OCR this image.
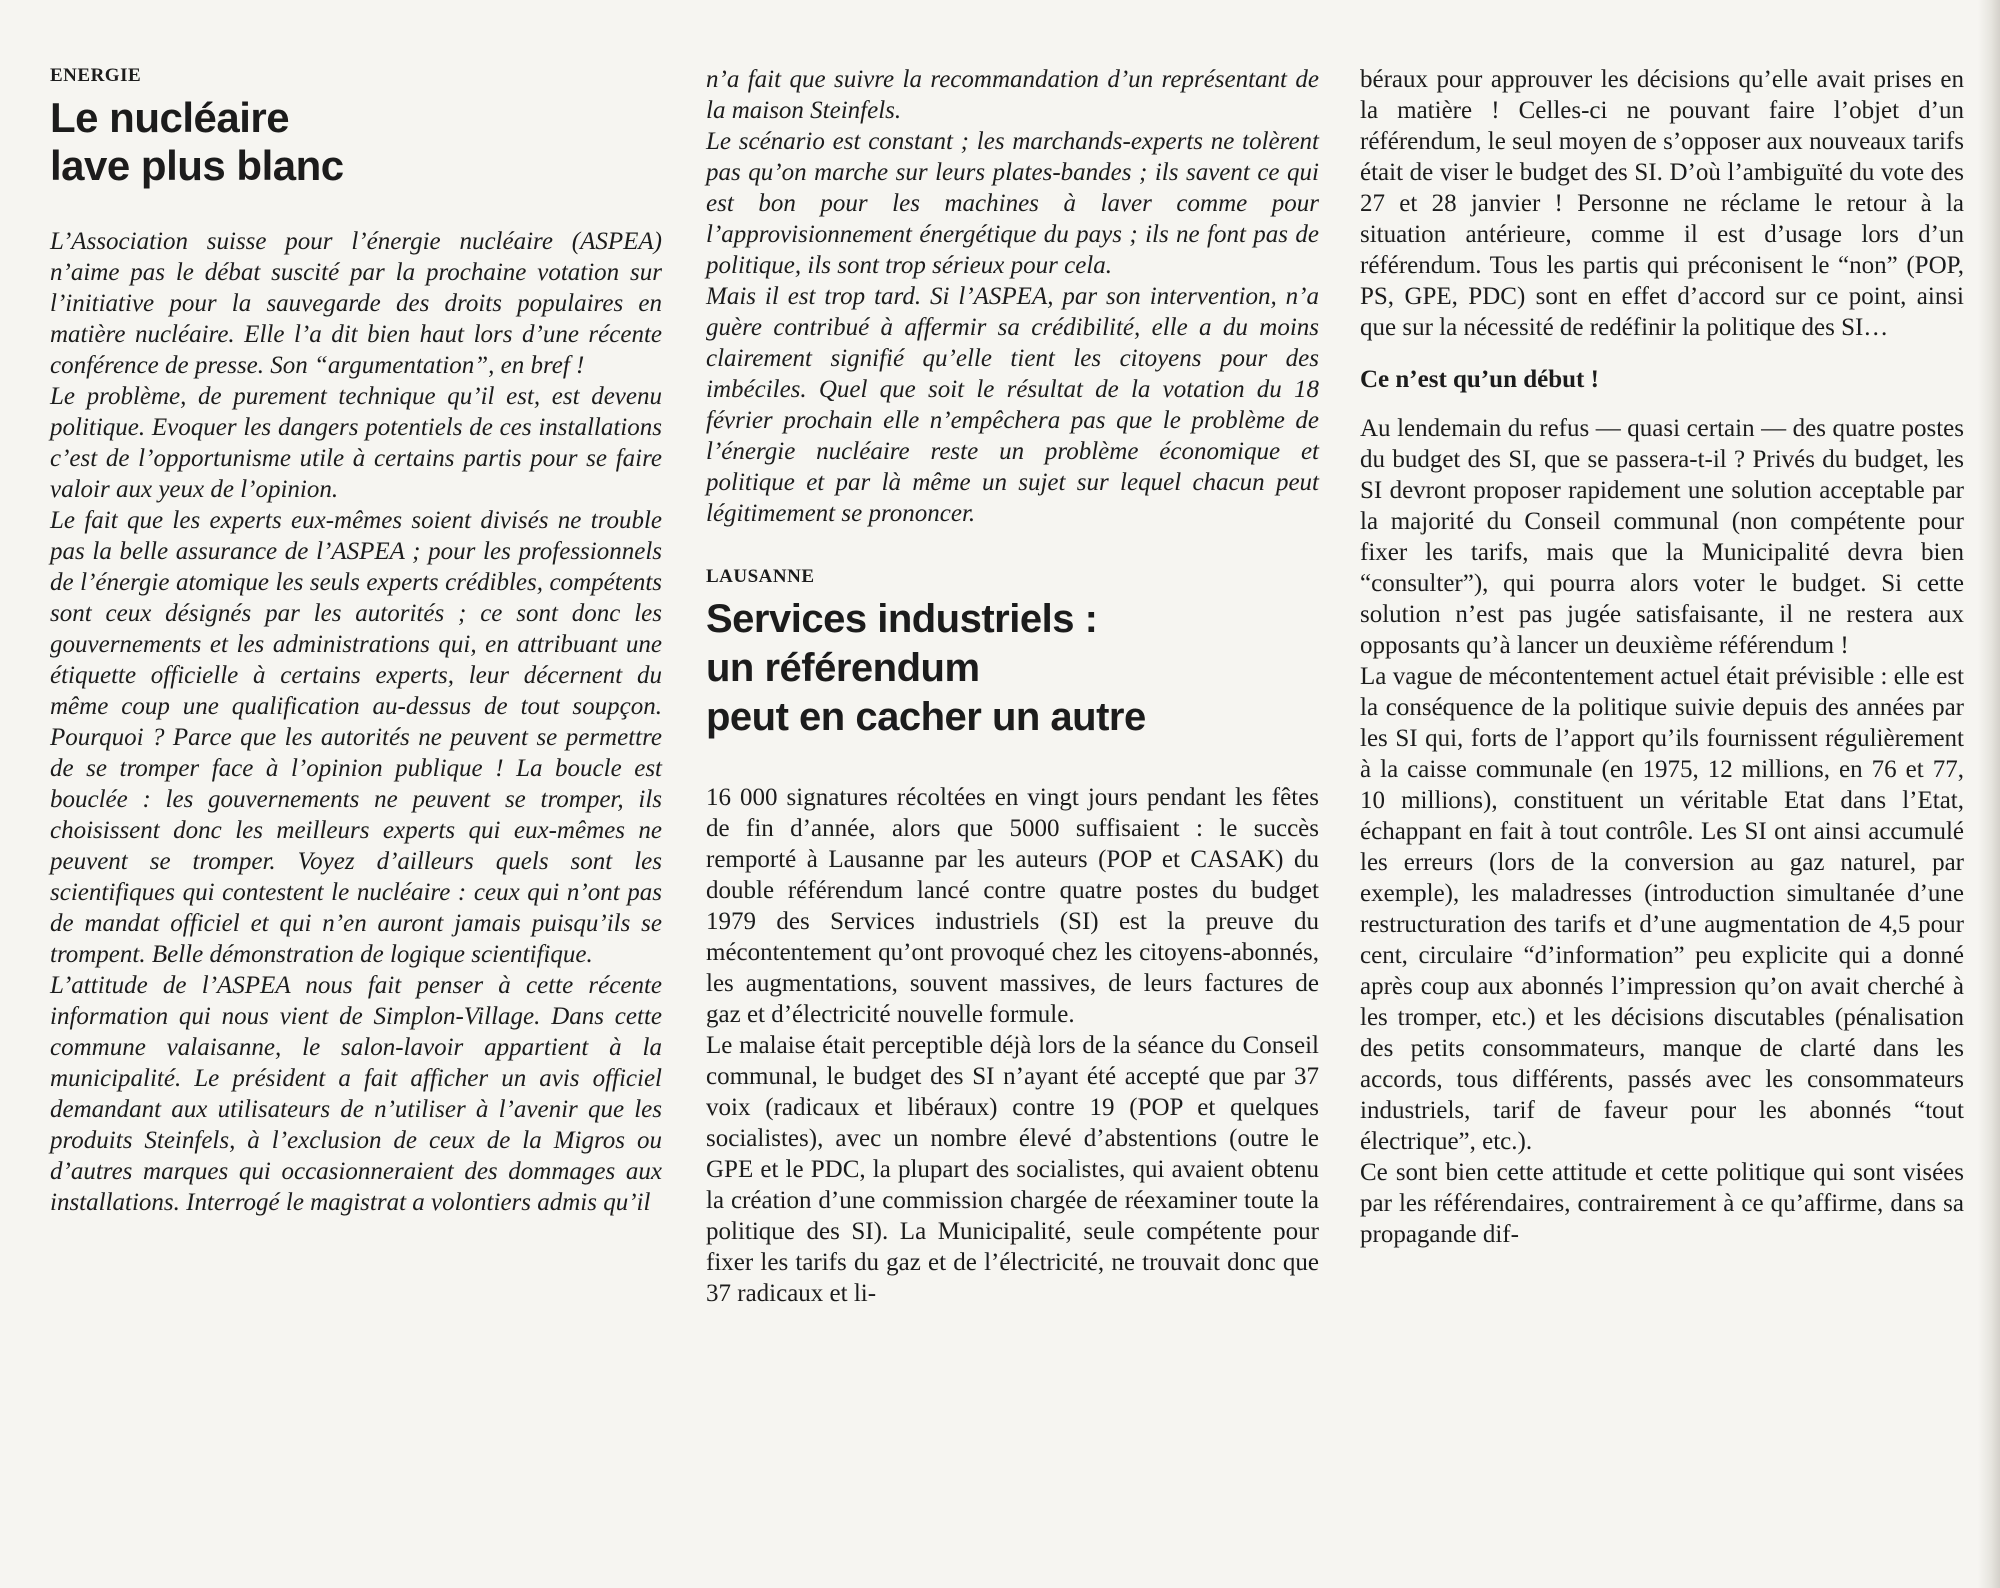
ENERGIE

Le nucléaire
lave plus blanc

L’Association suisse pour l’énergie nucléaire (ASPEA) n’aime pas le débat suscité par la prochaine votation sur l’initiative pour la sauvegarde des droits populaires en matière nucléaire. Elle l’a dit bien haut lors d’une récente conférence de presse. Son “argumentation”, en bref !

Le problème, de purement technique qu’il est, est devenu politique. Evoquer les dangers potentiels de ces installations c’est de l’opportunisme utile à certains partis pour se faire valoir aux yeux de l’opinion.

Le fait que les experts eux-mêmes soient divisés ne trouble pas la belle assurance de l’ASPEA ; pour les professionnels de l’énergie atomique les seuls experts crédibles, compétents sont ceux désignés par les autorités ; ce sont donc les gouvernements et les administrations qui, en attribuant une étiquette officielle à certains experts, leur décernent du même coup une qualification au-dessus de tout soupçon. Pourquoi ? Parce que les autorités ne peuvent se permettre de se tromper face à l’opinion publique ! La boucle est bouclée : les gouvernements ne peuvent se tromper, ils choisissent donc les meilleurs experts qui eux-mêmes ne peuvent se tromper. Voyez d’ailleurs quels sont les scientifiques qui contestent le nucléaire : ceux qui n’ont pas de mandat officiel et qui n’en auront jamais puisqu’ils se trompent. Belle démonstration de logique scientifique.

L’attitude de l’ASPEA nous fait penser à cette récente information qui nous vient de Simplon-Village. Dans cette commune valaisanne, le salon-lavoir appartient à la municipalité. Le président a fait afficher un avis officiel demandant aux utilisateurs de n’utiliser à l’avenir que les produits Steinfels, à l’exclusion de ceux de la Migros ou d’autres marques qui occasionneraient des dommages aux installations. Interrogé le magistrat a volontiers admis qu’il

n’a fait que suivre la recommandation d’un représentant de la maison Steinfels.

Le scénario est constant ; les marchands-experts ne tolèrent pas qu’on marche sur leurs plates-bandes ; ils savent ce qui est bon pour les machines à laver comme pour l’approvisionnement énergétique du pays ; ils ne font pas de politique, ils sont trop sérieux pour cela.

Mais il est trop tard. Si l’ASPEA, par son intervention, n’a guère contribué à affermir sa crédibilité, elle a du moins clairement signifié qu’elle tient les citoyens pour des imbéciles. Quel que soit le résultat de la votation du 18 février prochain elle n’empêchera pas que le problème de l’énergie nucléaire reste un problème économique et politique et par là même un sujet sur lequel chacun peut légitimement se prononcer.

LAUSANNE

Services industriels :
un référendum
peut en cacher un autre

16 000 signatures récoltées en vingt jours pendant les fêtes de fin d’année, alors que 5000 suffisaient : le succès remporté à Lausanne par les auteurs (POP et CASAK) du double référendum lancé contre quatre postes du budget 1979 des Services industriels (SI) est la preuve du mécontentement qu’ont provoqué chez les citoyens-abonnés, les augmentations, souvent massives, de leurs factures de gaz et d’électricité nouvelle formule.

Le malaise était perceptible déjà lors de la séance du Conseil communal, le budget des SI n’ayant été accepté que par 37 voix (radicaux et libéraux) contre 19 (POP et quelques socialistes), avec un nombre élevé d’abstentions (outre le GPE et le PDC, la plupart des socialistes, qui avaient obtenu la création d’une commission chargée de réexaminer toute la politique des SI). La Municipalité, seule compétente pour fixer les tarifs du gaz et de l’électricité, ne trouvait donc que 37 radicaux et li-

béraux pour approuver les décisions qu’elle avait prises en la matière ! Celles-ci ne pouvant faire l’objet d’un référendum, le seul moyen de s’opposer aux nouveaux tarifs était de viser le budget des SI. D’où l’ambiguïté du vote des 27 et 28 janvier ! Personne ne réclame le retour à la situation antérieure, comme il est d’usage lors d’un référendum. Tous les partis qui préconisent le “non” (POP, PS, GPE, PDC) sont en effet d’accord sur ce point, ainsi que sur la nécessité de redéfinir la politique des SI…

Ce n’est qu’un début !

Au lendemain du refus — quasi certain — des quatre postes du budget des SI, que se passera-t-il ? Privés du budget, les SI devront proposer rapidement une solution acceptable par la majorité du Conseil communal (non compétente pour fixer les tarifs, mais que la Municipalité devra bien “consulter”), qui pourra alors voter le budget. Si cette solution n’est pas jugée satisfaisante, il ne restera aux opposants qu’à lancer un deuxième référendum !

La vague de mécontentement actuel était prévisible : elle est la conséquence de la politique suivie depuis des années par les SI qui, forts de l’apport qu’ils fournissent régulièrement à la caisse communale (en 1975, 12 millions, en 76 et 77, 10 millions), constituent un véritable Etat dans l’Etat, échappant en fait à tout contrôle. Les SI ont ainsi accumulé les erreurs (lors de la conversion au gaz naturel, par exemple), les maladresses (introduction simultanée d’une restructuration des tarifs et d’une augmentation de 4,5 pour cent, circulaire “d’information” peu explicite qui a donné après coup aux abonnés l’impression qu’on avait cherché à les tromper, etc.) et les décisions discutables (pénalisation des petits consommateurs, manque de clarté dans les accords, tous différents, passés avec les consommateurs industriels, tarif de faveur pour les abonnés “tout électrique”, etc.).

Ce sont bien cette attitude et cette politique qui sont visées par les référendaires, contrairement à ce qu’affirme, dans sa propagande dif-
